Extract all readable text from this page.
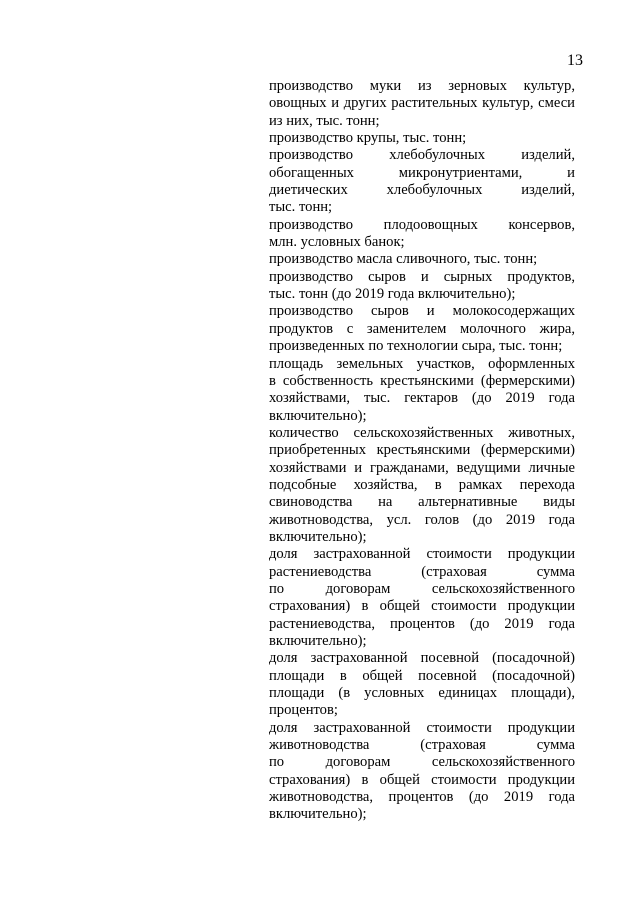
13
производство муки из зерновых культур,
овощных и других растительных культур, смеси
из них, тыс. тонн;
производство крупы, тыс. тонн;
производство хлебобулочных изделий,
обогащенных микронутриентами, и
диетических хлебобулочных изделий,
тыс. тонн;
производство плодоовощных консервов,
млн. условных банок;
производство масла сливочного, тыс. тонн;
производство сыров и сырных продуктов,
тыс. тонн (до 2019 года включительно);
производство сыров и молокосодержащих
продуктов с заменителем молочного жира,
произведенных по технологии сыра, тыс. тонн;
площадь земельных участков, оформленных
в собственность крестьянскими (фермерскими)
хозяйствами, тыс. гектаров (до 2019 года
включительно);
количество сельскохозяйственных животных,
приобретенных крестьянскими (фермерскими)
хозяйствами и гражданами, ведущими личные
подсобные хозяйства, в рамках перехода
свиноводства на альтернативные виды
животноводства, усл. голов (до 2019 года
включительно);
доля застрахованной стоимости продукции
растениеводства (страховая сумма
по договорам сельскохозяйственного
страхования) в общей стоимости продукции
растениеводства, процентов (до 2019 года
включительно);
доля застрахованной посевной (посадочной)
площади в общей посевной (посадочной)
площади (в условных единицах площади),
процентов;
доля застрахованной стоимости продукции
животноводства (страховая сумма
по договорам сельскохозяйственного
страхования) в общей стоимости продукции
животноводства, процентов (до 2019 года
включительно);
